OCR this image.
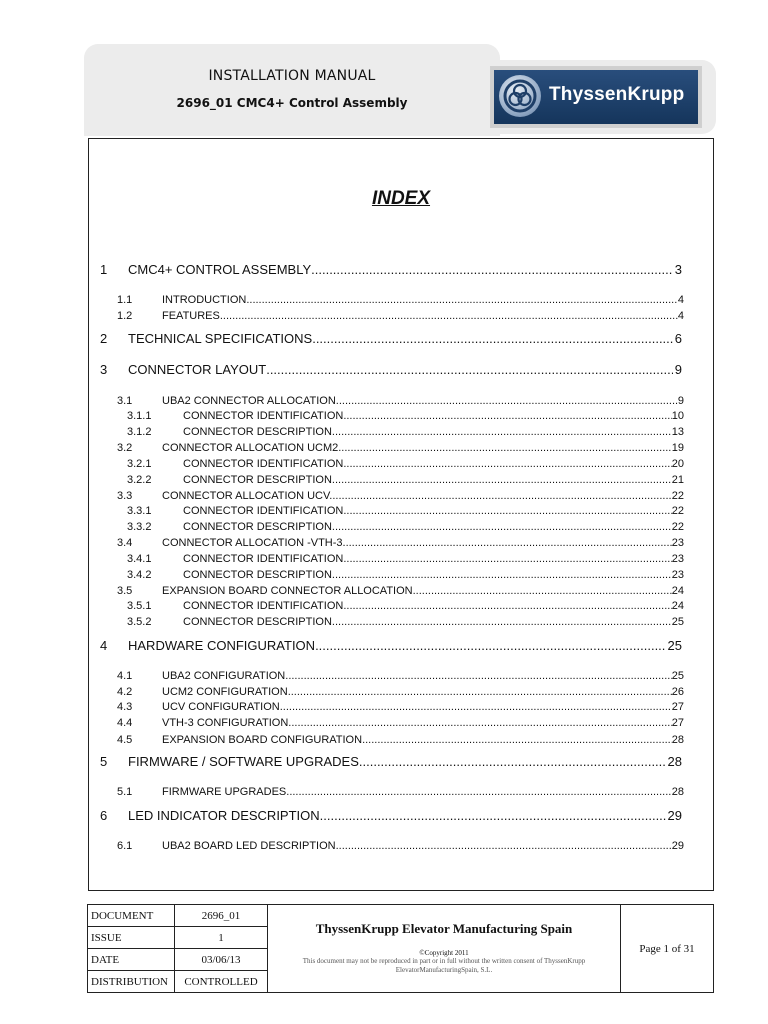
INSTALLATION MANUAL
2696_01 CMC4+ Control Assembly	ThyssenKrupp
INDEX
1	CMC4+ CONTROL ASSEMBLY .....	3
1.1	INTRODUCTION .....	4
1.2	FEATURES .....	4
2	TECHNICAL SPECIFICATIONS .....	6
3	CONNECTOR LAYOUT .....	9
3.1	UBA2 CONNECTOR ALLOCATION. .....	9
3.1.1	CONNECTOR IDENTIFICATION. .....	10
3.1.2	CONNECTOR DESCRIPTION .....	13
3.2	CONNECTOR ALLOCATION UCM2. .....	19
3.2.1	CONNECTOR IDENTIFICATION .....	20
3.2.2	CONNECTOR DESCRIPTION .....	21
3.3	CONNECTOR ALLOCATION UCV. .....	22
3.3.1	CONNECTOR IDENTIFICATION .....	22
3.3.2	CONNECTOR DESCRIPTION .....	22
3.4	CONNECTOR ALLOCATION -VTH-3 .....	23
3.4.1	CONNECTOR IDENTIFICATION .....	23
3.4.2	CONNECTOR DESCRIPTION .....	23
3.5	EXPANSION BOARD CONNECTOR ALLOCATION .....	24
3.5.1	CONNECTOR IDENTIFICATION .....	24
3.5.2	CONNECTOR DESCRIPTION .....	25
4	HARDWARE CONFIGURATION .....	25
4.1	UBA2 CONFIGURATION. .....	25
4.2	UCM2 CONFIGURATION .....	26
4.3	UCV CONFIGURATION .....	27
4.4	VTH-3 CONFIGURATION .....	27
4.5	EXPANSION BOARD CONFIGURATION .....	28
5	FIRMWARE / SOFTWARE UPGRADES .....	28
5.1	FIRMWARE UPGRADES .....	28
6	LED INDICATOR DESCRIPTION. .....	29
6.1	UBA2 BOARD LED DESCRIPTION .....	29
DOCUMENT	2696_01	ThyssenKrupp Elevator Manufacturing Spain
©Copyright 2011
This document may not be reproduced in part or in full without the written consent of ThyssenKrupp ElevatorManufacturingSpain, S.L.	Page 1 of 31
ISSUE	1		
DATE	03/06/13		
DISTRIBUTION	CONTROLLED		
